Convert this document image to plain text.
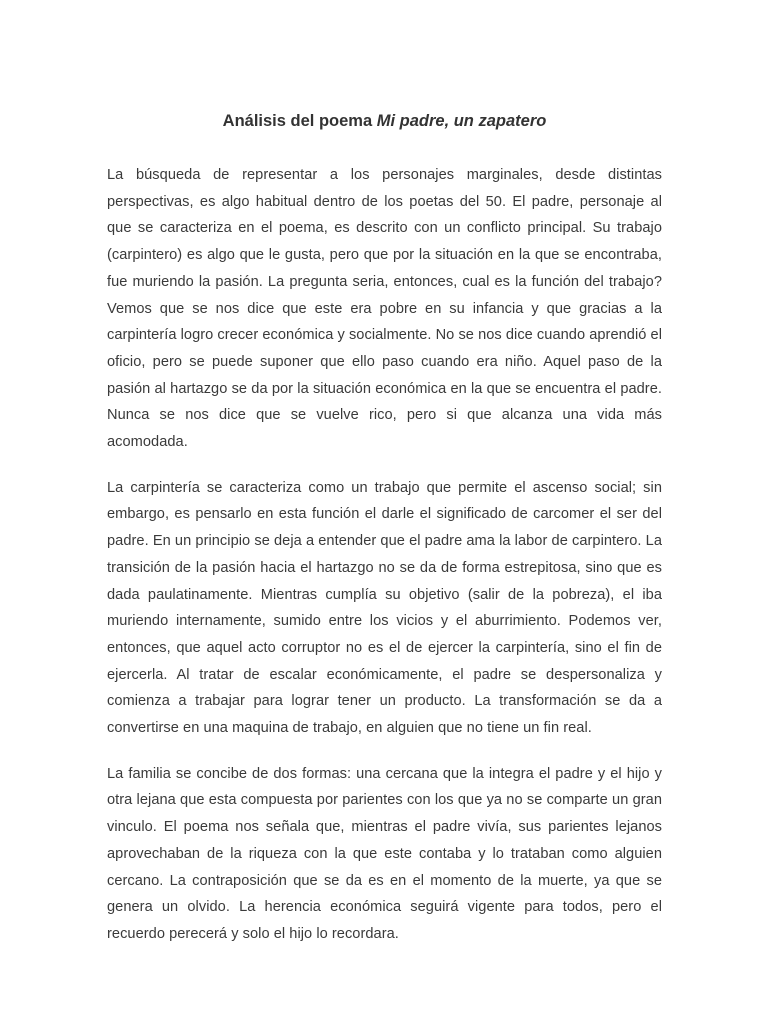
Análisis del poema Mi padre, un zapatero

La búsqueda de representar a los personajes marginales, desde distintas perspectivas, es algo habitual dentro de los poetas del 50. El padre, personaje al que se caracteriza en el poema, es descrito con un conflicto principal. Su trabajo (carpintero) es algo que le gusta, pero que por la situación en la que se encontraba, fue muriendo la pasión. La pregunta seria, entonces, cual es la función del trabajo? Vemos que se nos dice que este era pobre en su infancia y que gracias a la carpintería logro crecer económica y socialmente. No se nos dice cuando aprendió el oficio, pero se puede suponer que ello paso cuando era niño. Aquel paso de la pasión al hartazgo se da por la situación económica en la que se encuentra el padre. Nunca se nos dice que se vuelve rico, pero si que alcanza una vida más acomodada.

La carpintería se caracteriza como un trabajo que permite el ascenso social; sin embargo, es pensarlo en esta función el darle el significado de carcomer el ser del padre. En un principio se deja a entender que el padre ama la labor de carpintero. La transición de la pasión hacia el hartazgo no se da de forma estrepitosa, sino que es dada paulatinamente. Mientras cumplía su objetivo (salir de la pobreza), el iba muriendo internamente, sumido entre los vicios y el aburrimiento. Podemos ver, entonces, que aquel acto corruptor no es el de ejercer la carpintería, sino el fin de ejercerla. Al tratar de escalar económicamente, el padre se despersonaliza y comienza a trabajar para lograr tener un producto. La transformación se da a convertirse en una maquina de trabajo, en alguien que no tiene un fin real.

La familia se concibe de dos formas: una cercana que la integra el padre y el hijo y otra lejana que esta compuesta por parientes con los que ya no se comparte un gran vinculo. El poema nos señala que, mientras el padre vivía, sus parientes lejanos aprovechaban de la riqueza con la que este contaba y lo trataban como alguien cercano. La contraposición que se da es en el momento de la muerte, ya que se genera un olvido. La herencia económica seguirá vigente para todos, pero el recuerdo perecerá y solo el hijo lo recordara.
